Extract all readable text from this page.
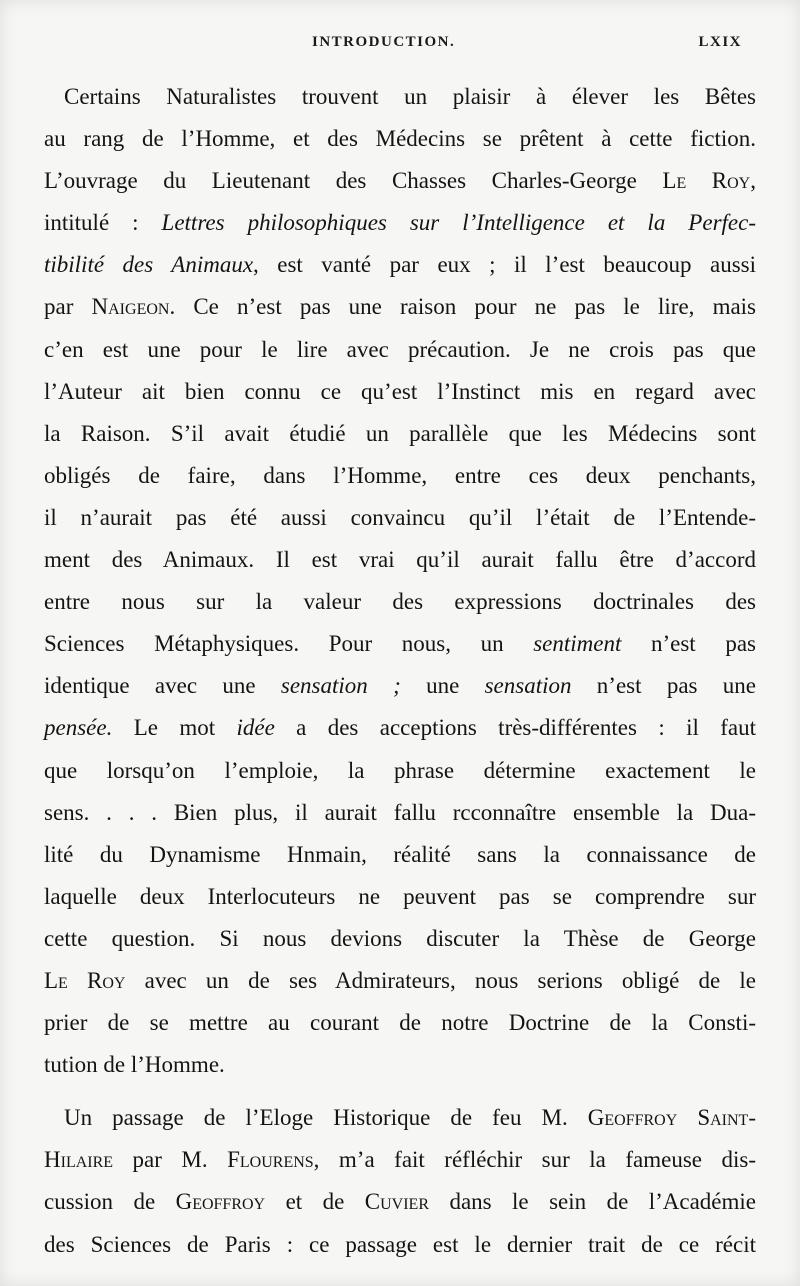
INTRODUCTION.	LXIX
Certains Naturalistes trouvent un plaisir à élever les Bêtes
au rang de l’Homme, et des Médecins se prêtent à cette fiction.
L’ouvrage du Lieutenant des Chasses Charles-George Le Roy,
intitulé : Lettres philosophiques sur l’Intelligence et la Perfec-
tibilité des Animaux, est vanté par eux ; il l’est beaucoup aussi
par Naigeon. Ce n’est pas une raison pour ne pas le lire, mais
c’en est une pour le lire avec précaution. Je ne crois pas que
l’Auteur ait bien connu ce qu’est l’Instinct mis en regard avec
la Raison. S’il avait étudié un parallèle que les Médecins sont
obligés de faire, dans l’Homme, entre ces deux penchants,
il n’aurait pas été aussi convaincu qu’il l’était de l’Entende-
ment des Animaux. Il est vrai qu’il aurait fallu être d’accord
entre nous sur la valeur des expressions doctrinales des
Sciences Métaphysiques. Pour nous, un sentiment n’est pas
identique avec une sensation ; une sensation n’est pas une
pensée. Le mot idée a des acceptions très-différentes : il faut
que lorsqu’on l’emploie, la phrase détermine exactement le
sens. . . . Bien plus, il aurait fallu rcconnaître ensemble la Dua-
lité du Dynamisme Hnmain, réalité sans la connaissance de
laquelle deux Interlocuteurs ne peuvent pas se comprendre sur
cette question. Si nous devions discuter la Thèse de George
Le Roy avec un de ses Admirateurs, nous serions obligé de le
prier de se mettre au courant de notre Doctrine de la Consti-
tution de l’Homme.
Un passage de l’Eloge Historique de feu M. Geoffroy Saint-
Hilaire par M. Flourens, m’a fait réfléchir sur la fameuse dis-
cussion de Geoffroy et de Cuvier dans le sein de l’Académie
des Sciences de Paris : ce passage est le dernier trait de ce récit
